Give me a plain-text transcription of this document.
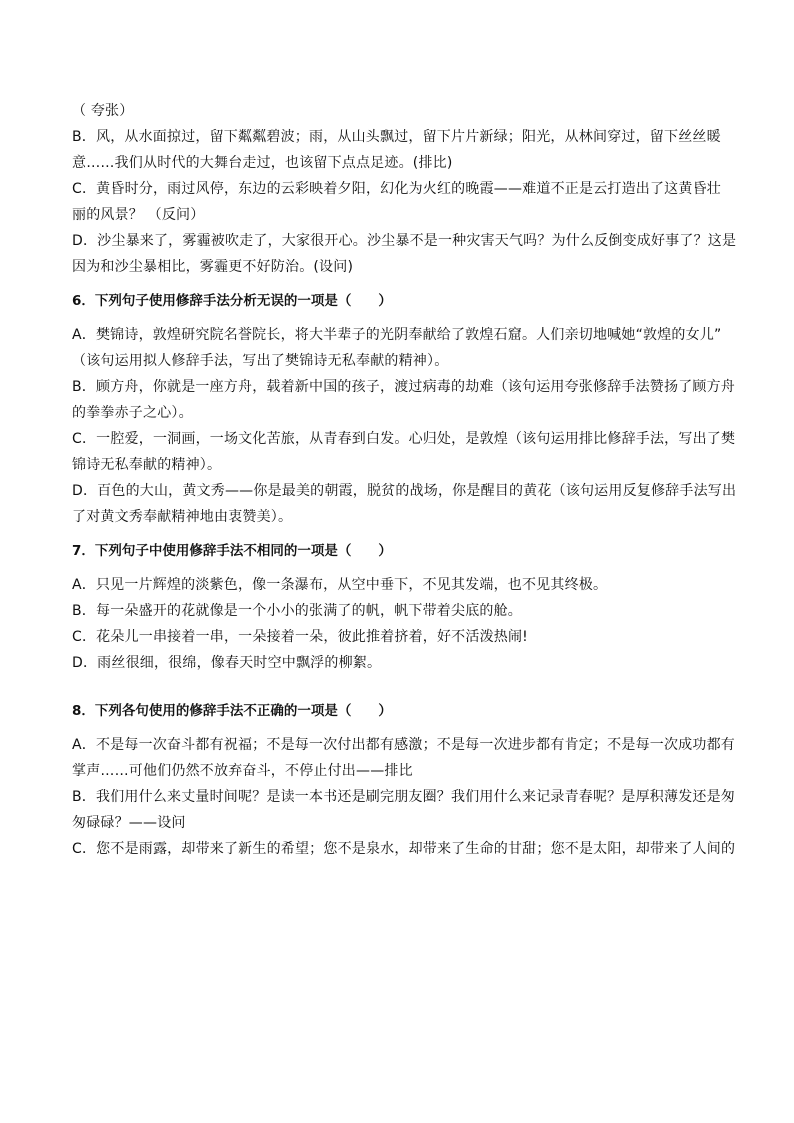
（ 夸张）
B．风，从水面掠过，留下粼粼碧波；雨，从山头飘过，留下片片新绿；阳光，从林间穿过，留下丝丝暖
意……我们从时代的大舞台走过，也该留下点点足迹。(排比)
C．黄昏时分，雨过风停，东边的云彩映着夕阳，幻化为火红的晚霞——难道不正是云打造出了这黄昏壮
丽的风景？ （反问）
D．沙尘暴来了，雾霾被吹走了，大家很开心。沙尘暴不是一种灾害天气吗？为什么反倒变成好事了？这是
因为和沙尘暴相比，雾霾更不好防治。(设问)
6．下列句子使用修辞手法分析无误的一项是（　　）
A．樊锦诗，敦煌研究院名誉院长，将大半辈子的光阴奉献给了敦煌石窟。人们亲切地喊她“敦煌的女儿”
（该句运用拟人修辞手法，写出了樊锦诗无私奉献的精神）。
B．顾方舟，你就是一座方舟，载着新中国的孩子，渡过病毒的劫难（该句运用夸张修辞手法赞扬了顾方舟
的拳拳赤子之心）。
C．一腔爱，一洞画，一场文化苦旅，从青春到白发。心归处，是敦煌（该句运用排比修辞手法，写出了樊
锦诗无私奉献的精神）。
D．百色的大山，黄文秀——你是最美的朝霞，脱贫的战场，你是醒目的黄花（该句运用反复修辞手法写出
了对黄文秀奉献精神地由衷赞美）。
7．下列句子中使用修辞手法不相同的一项是（　　）
A．只见一片辉煌的淡紫色，像一条瀑布，从空中垂下，不见其发端，也不见其终极。
B．每一朵盛开的花就像是一个小小的张满了的帆，帆下带着尖底的舱。
C．花朵儿一串接着一串，一朵接着一朵，彼此推着挤着，好不活泼热闹!
D．雨丝很细，很绵，像春天时空中飘浮的柳絮。
8．下列各句使用的修辞手法不正确的一项是（　　）
A．不是每一次奋斗都有祝福；不是每一次付出都有感激；不是每一次进步都有肯定；不是每一次成功都有
掌声……可他们仍然不放弃奋斗，不停止付出——排比
B．我们用什么来丈量时间呢？是读一本书还是刷完朋友圈？我们用什么来记录青春呢？是厚积薄发还是匆
匆碌碌？——设问
C．您不是雨露，却带来了新生的希望；您不是泉水，却带来了生命的甘甜；您不是太阳，却带来了人间的
